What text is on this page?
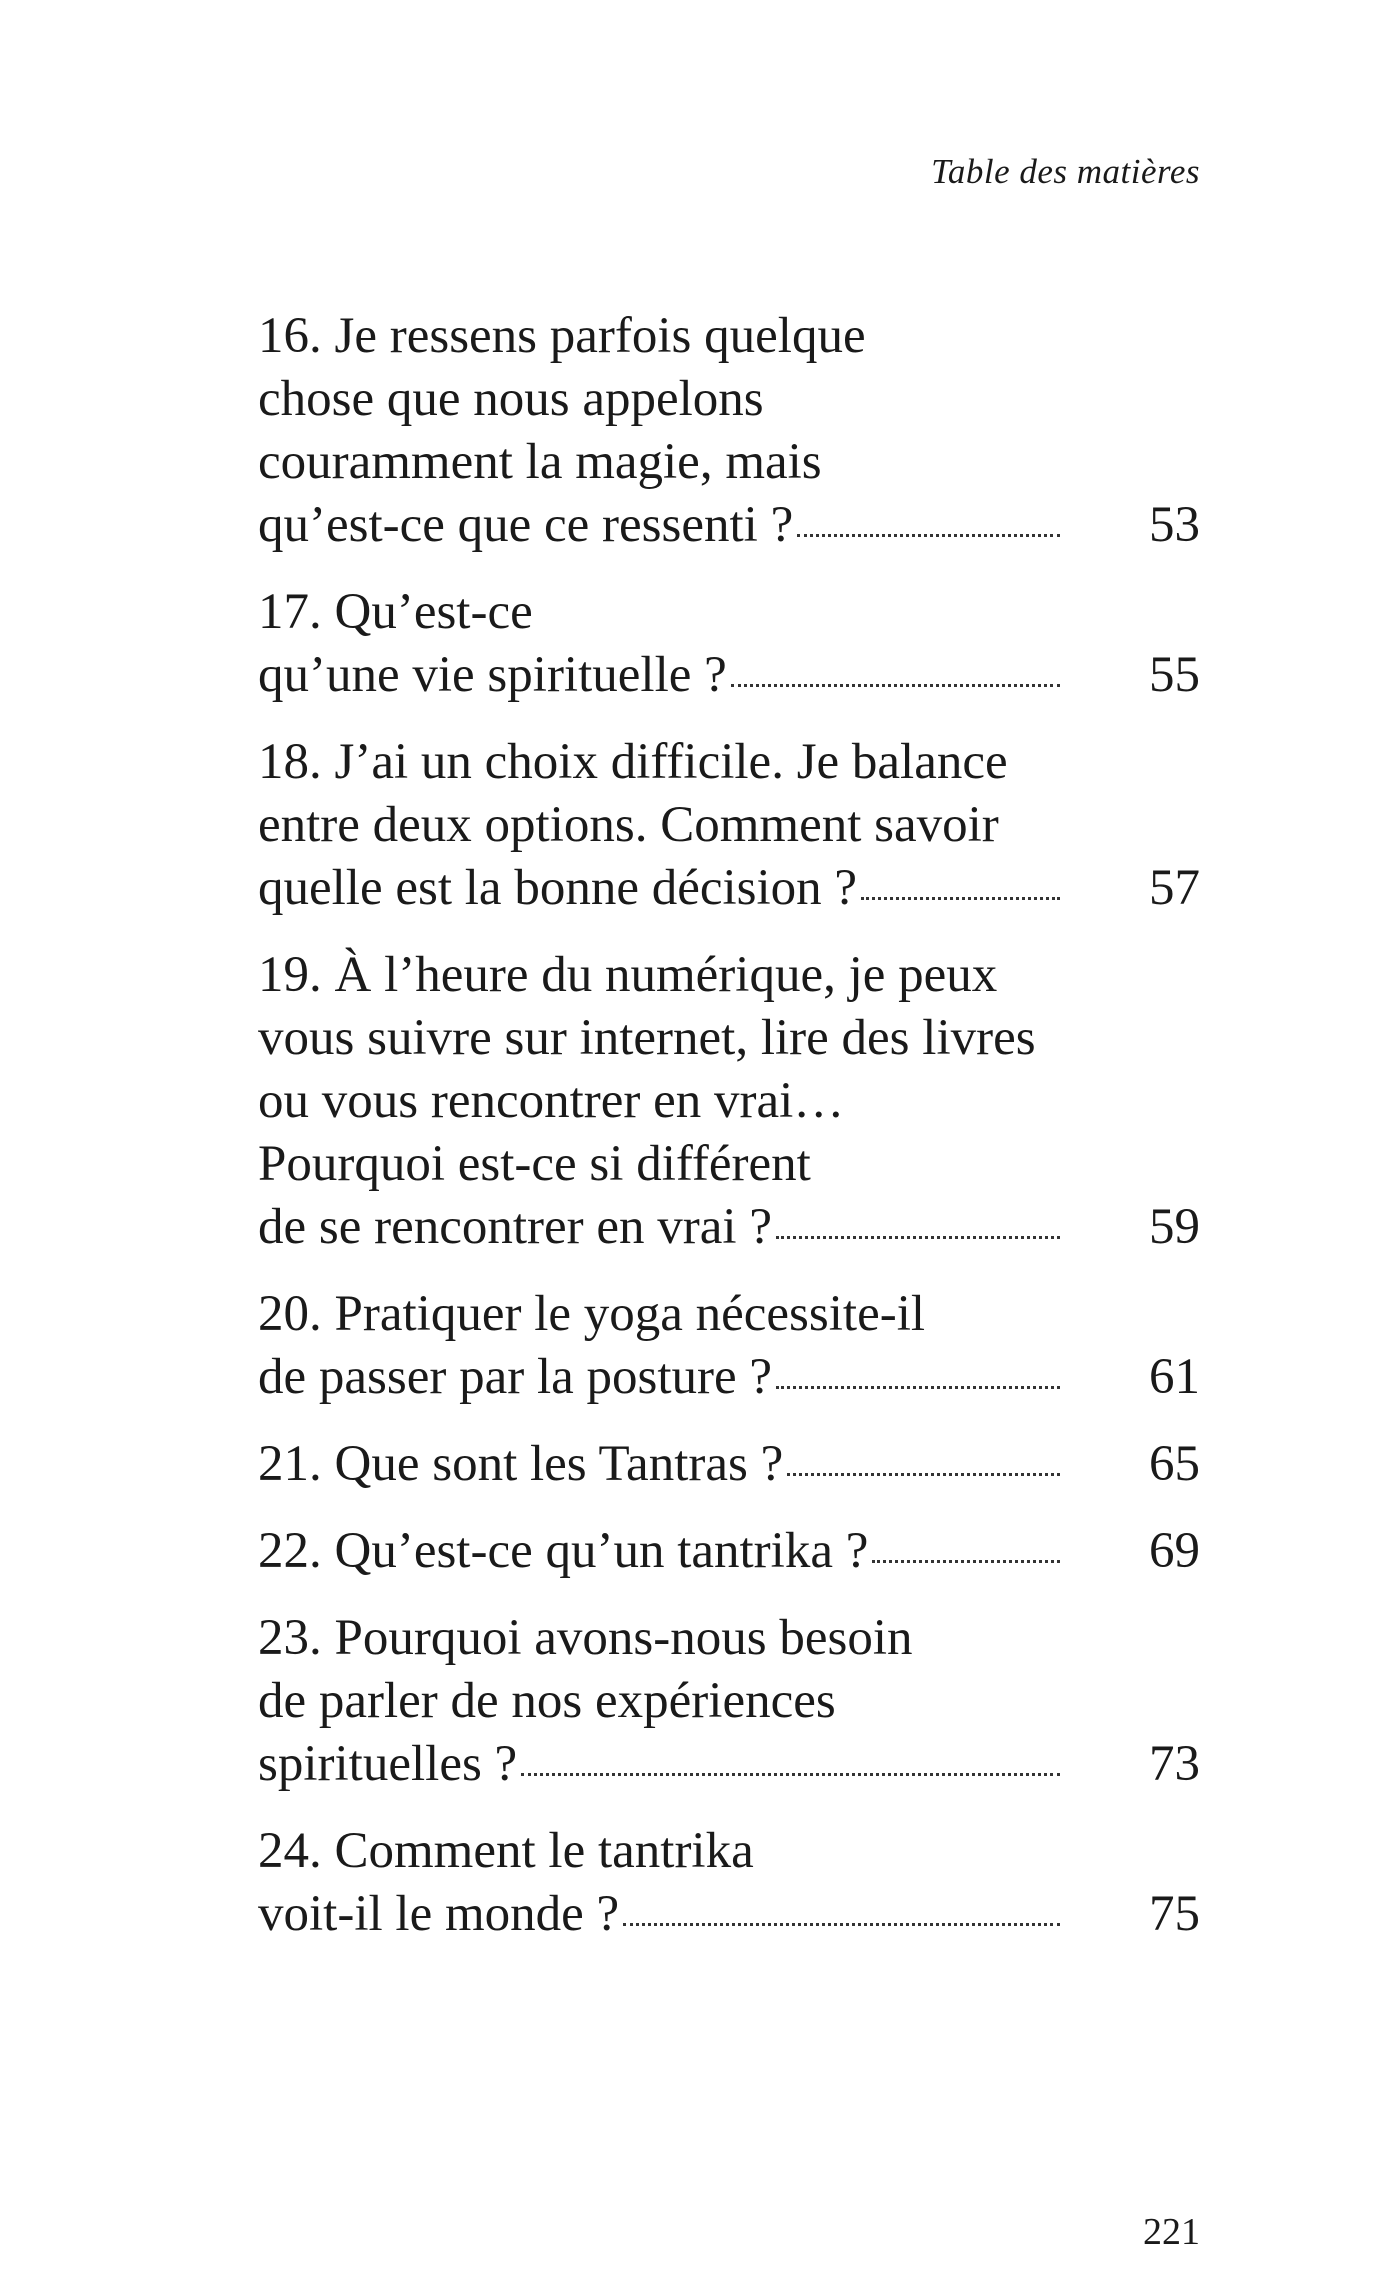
Table des matières
16. Je ressens parfois quelque
chose que nous appelons
couramment la magie, mais
qu’est-ce que ce ressenti ?	53
17. Qu’est-ce
qu’une vie spirituelle ?	55
18. J’ai un choix difficile. Je balance
entre deux options. Comment savoir
quelle est la bonne décision ?	57
19. À l’heure du numérique, je peux
vous suivre sur internet, lire des livres
ou vous rencontrer en vrai…
Pourquoi est-ce si différent
de se rencontrer en vrai ?	59
20. Pratiquer le yoga nécessite-il
de passer par la posture ?	61
21. Que sont les Tantras ?	65
22. Qu’est-ce qu’un tantrika ?	69
23. Pourquoi avons-nous besoin
de parler de nos expériences
spirituelles ?	73
24. Comment le tantrika
voit-il le monde ?	75
221
